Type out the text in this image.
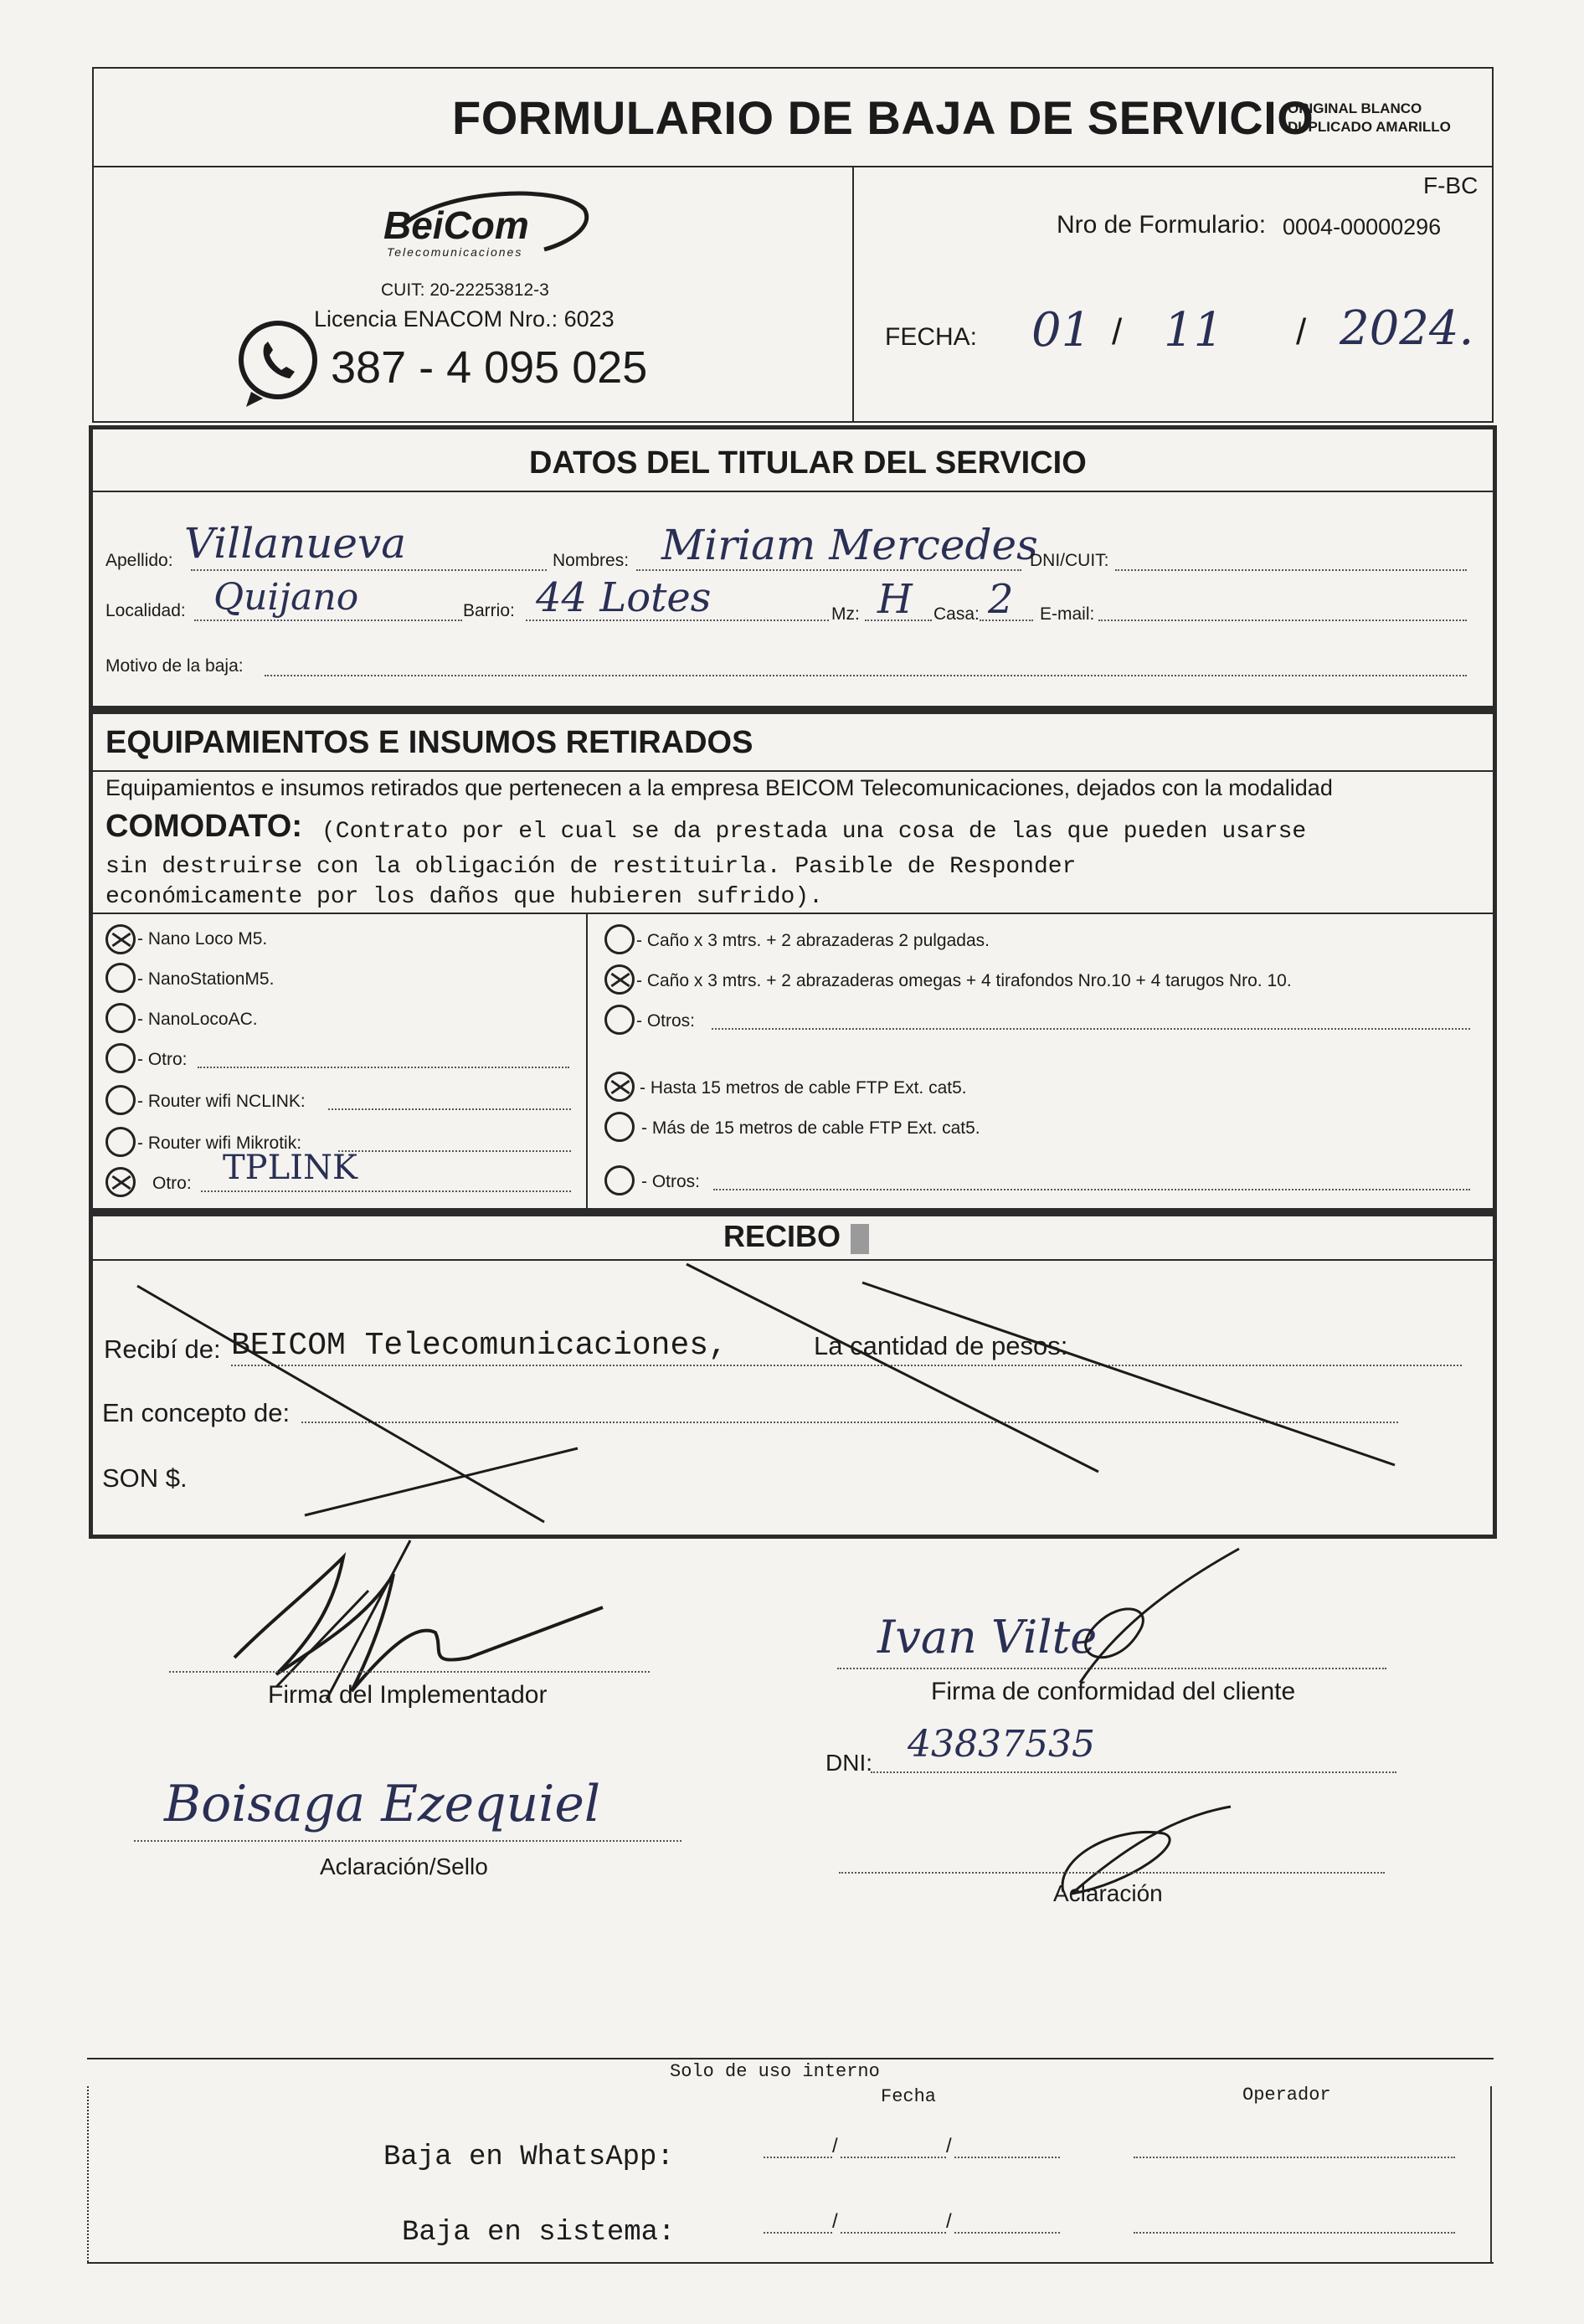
FORMULARIO DE BAJA DE SERVICIO
ORIGINAL BLANCO
DUPLICADO AMARILLO
BeiCom
Telecomunicaciones
CUIT: 20-22253812-3
Licencia ENACOM Nro.: 6023
387 - 4 095 025
F-BC
Nro de Formulario: 0004-00000296
FECHA: 01 / 11 / 2024.
DATOS DEL TITULAR DEL SERVICIO
Apellido: Villanueva	Nombres: Miriam Mercedes
DNI/CUIT:
Localidad: Quijano	Barrio: 44 Lotes	Mz: H Casa: 2 E-mail:
Motivo de la baja:
EQUIPAMIENTOS E INSUMOS RETIRADOS
Equipamientos e insumos retirados que pertenecen a la empresa BEICOM Telecomunicaciones, dejados con la modalidad
COMODATO: (Contrato por el cual se da prestada una cosa de las que pueden usarse
sin destruirse con la obligación de restituirla. Pasible de Responder
económicamente por los daños que hubieren sufrido).
- Nano Loco M5.
- NanoStationM5.
- NanoLocoAC.
- Otro:
- Router wifi NCLINK:
- Router wifi Mikrotik:
Otro: TPLINK
- Caño x 3 mtrs. + 2 abrazaderas 2 pulgadas.
- Caño x 3 mtrs. + 2 abrazaderas omegas + 4 tirafondos Nro.10 + 4 tarugos Nro. 10.
- Otros:
- Hasta 15 metros de cable FTP Ext. cat5.
- Más de 15 metros de cable FTP Ext. cat5.
- Otros:
RECIBO
Recibí de: BEICOM Telecomunicaciones,	La cantidad de pesos:
En concepto de:
SON $.
Firma del Implementador
Boisaga Ezequiel
Aclaración/Sello
Ivan Vilte
Firma de conformidad del cliente
DNI: 43837535
Aclaración
Solo de uso interno
Fecha	Operador
Baja en WhatsApp:	/	/
Baja en sistema:	/	/
